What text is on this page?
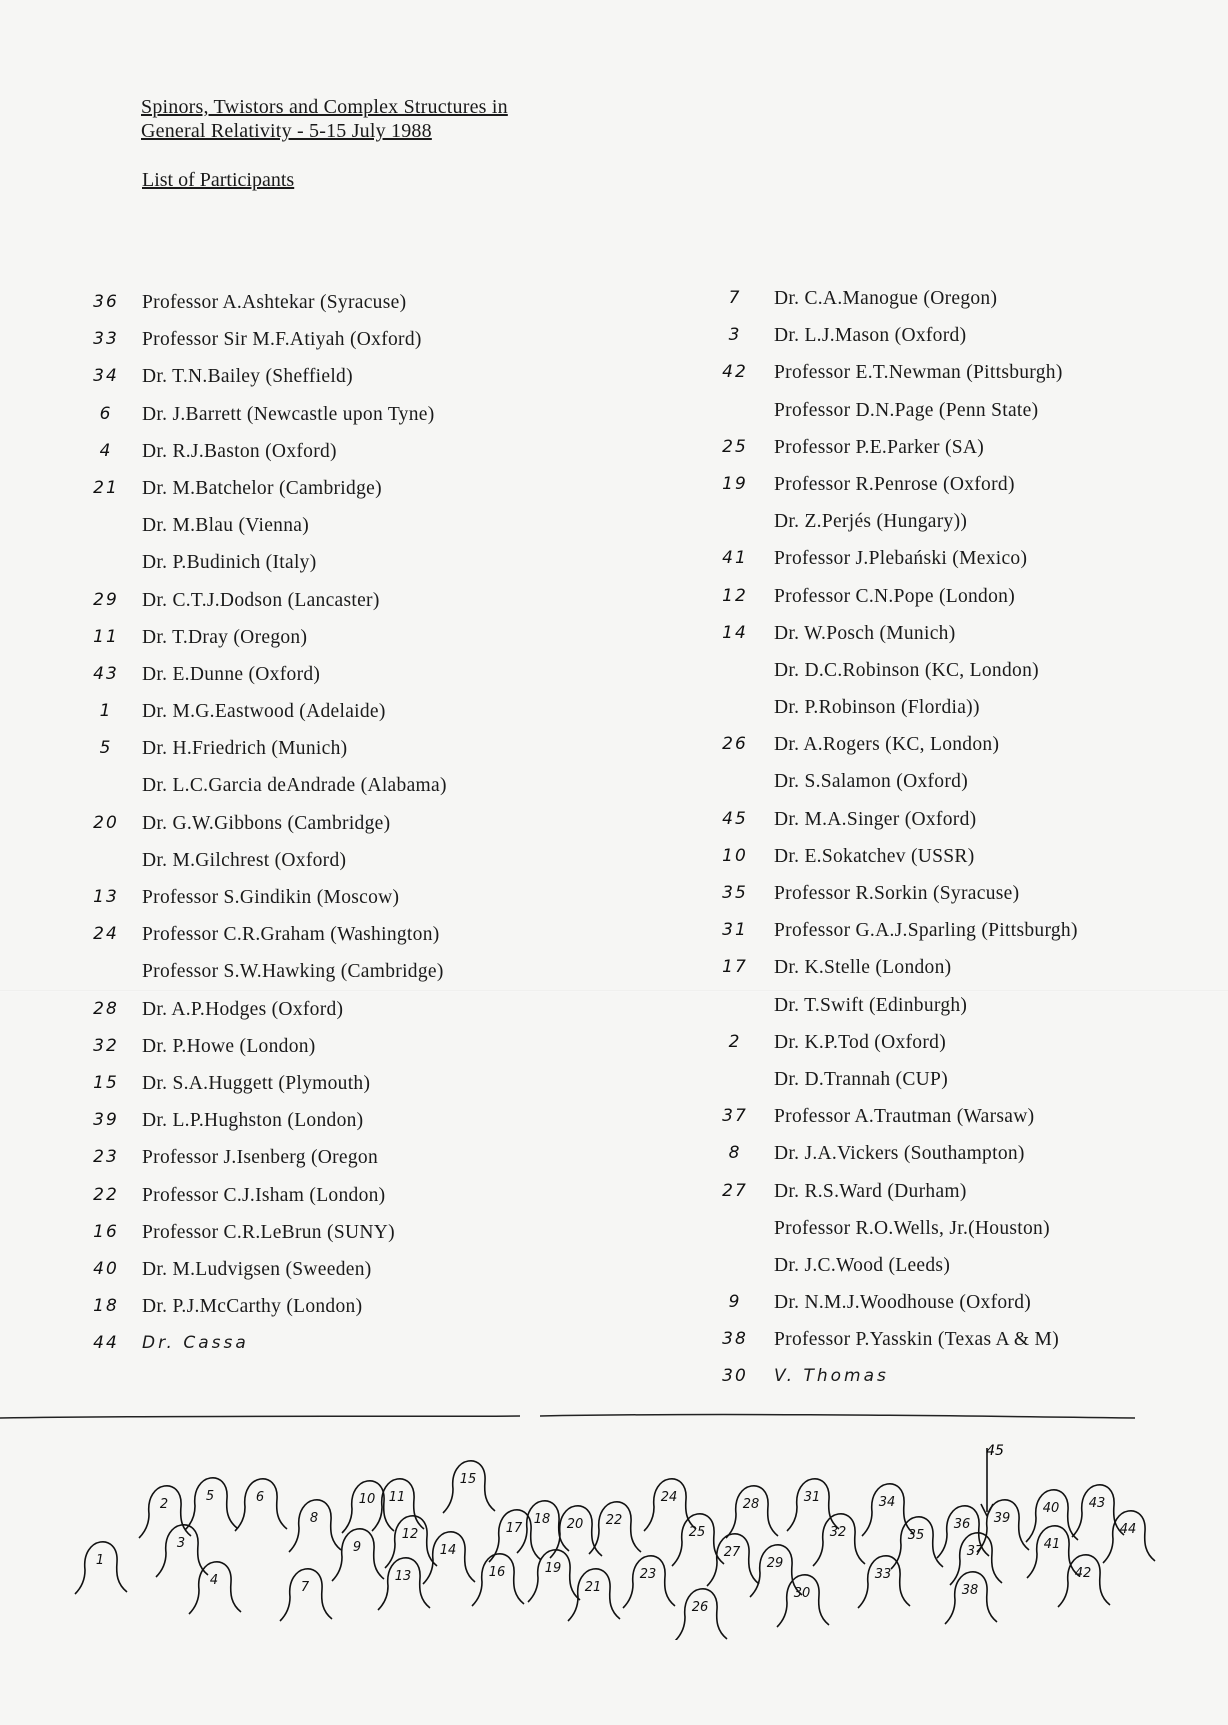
Spinors, Twistors and Complex Structures in
General Relativity - 5-15 July 1988
List of Participants
36	Professor A.Ashtekar (Syracuse)
33	Professor Sir M.F.Atiyah (Oxford)
34	Dr. T.N.Bailey (Sheffield)
6	Dr. J.Barrett (Newcastle upon Tyne)
4	Dr. R.J.Baston (Oxford)
21	Dr. M.Batchelor (Cambridge)
Dr. M.Blau (Vienna)
Dr. P.Budinich (Italy)
29	Dr. C.T.J.Dodson (Lancaster)
11	Dr. T.Dray (Oregon)
43	Dr. E.Dunne (Oxford)
1	Dr. M.G.Eastwood (Adelaide)
5	Dr. H.Friedrich (Munich)
Dr. L.C.Garcia deAndrade (Alabama)
20	Dr. G.W.Gibbons (Cambridge)
Dr. M.Gilchrest (Oxford)
13	Professor S.Gindikin (Moscow)
24	Professor C.R.Graham (Washington)
Professor S.W.Hawking (Cambridge)
28	Dr. A.P.Hodges (Oxford)
32	Dr. P.Howe (London)
15	Dr. S.A.Huggett (Plymouth)
39	Dr. L.P.Hughston (London)
23	Professor J.Isenberg (Oregon
22	Professor C.J.Isham (London)
16	Professor C.R.LeBrun (SUNY)
40	Dr. M.Ludvigsen (Sweeden)
18	Dr. P.J.McCarthy (London)
44	Dr. Cassa
7	Dr. C.A.Manogue (Oregon)
3	Dr. L.J.Mason (Oxford)
42	Professor E.T.Newman (Pittsburgh)
Professor D.N.Page (Penn State)
25	Professor P.E.Parker (SA)
19	Professor R.Penrose (Oxford)
Dr. Z.Perjés (Hungary))
41	Professor J.Plebański (Mexico)
12	Professor C.N.Pope (London)
14	Dr. W.Posch (Munich)
Dr. D.C.Robinson (KC, London)
Dr. P.Robinson (Flordia))
26	Dr. A.Rogers (KC, London)
Dr. S.Salamon (Oxford)
45	Dr. M.A.Singer (Oxford)
10	Dr. E.Sokatchev (USSR)
35	Professor R.Sorkin (Syracuse)
31	Professor G.A.J.Sparling (Pittsburgh)
17	Dr. K.Stelle (London)
Dr. T.Swift (Edinburgh)
2	Dr. K.P.Tod (Oxford)
Dr. D.Trannah (CUP)
37	Professor A.Trautman (Warsaw)
8	Dr. J.A.Vickers (Southampton)
27	Dr. R.S.Ward (Durham)
Professor R.O.Wells, Jr.(Houston)
Dr. J.C.Wood (Leeds)
9	Dr. N.M.J.Woodhouse (Oxford)
38	Professor P.Yasskin (Texas A & M)
30	V. Thomas
1
2
3
4
5	6
7
8
9
10 11
12
13
14
15
16
17
18
19
20
21
22
23
24
25
26
27
28
29
30
31
32
33
34
35
36
37
38
39
40
41
42
43
44
45
